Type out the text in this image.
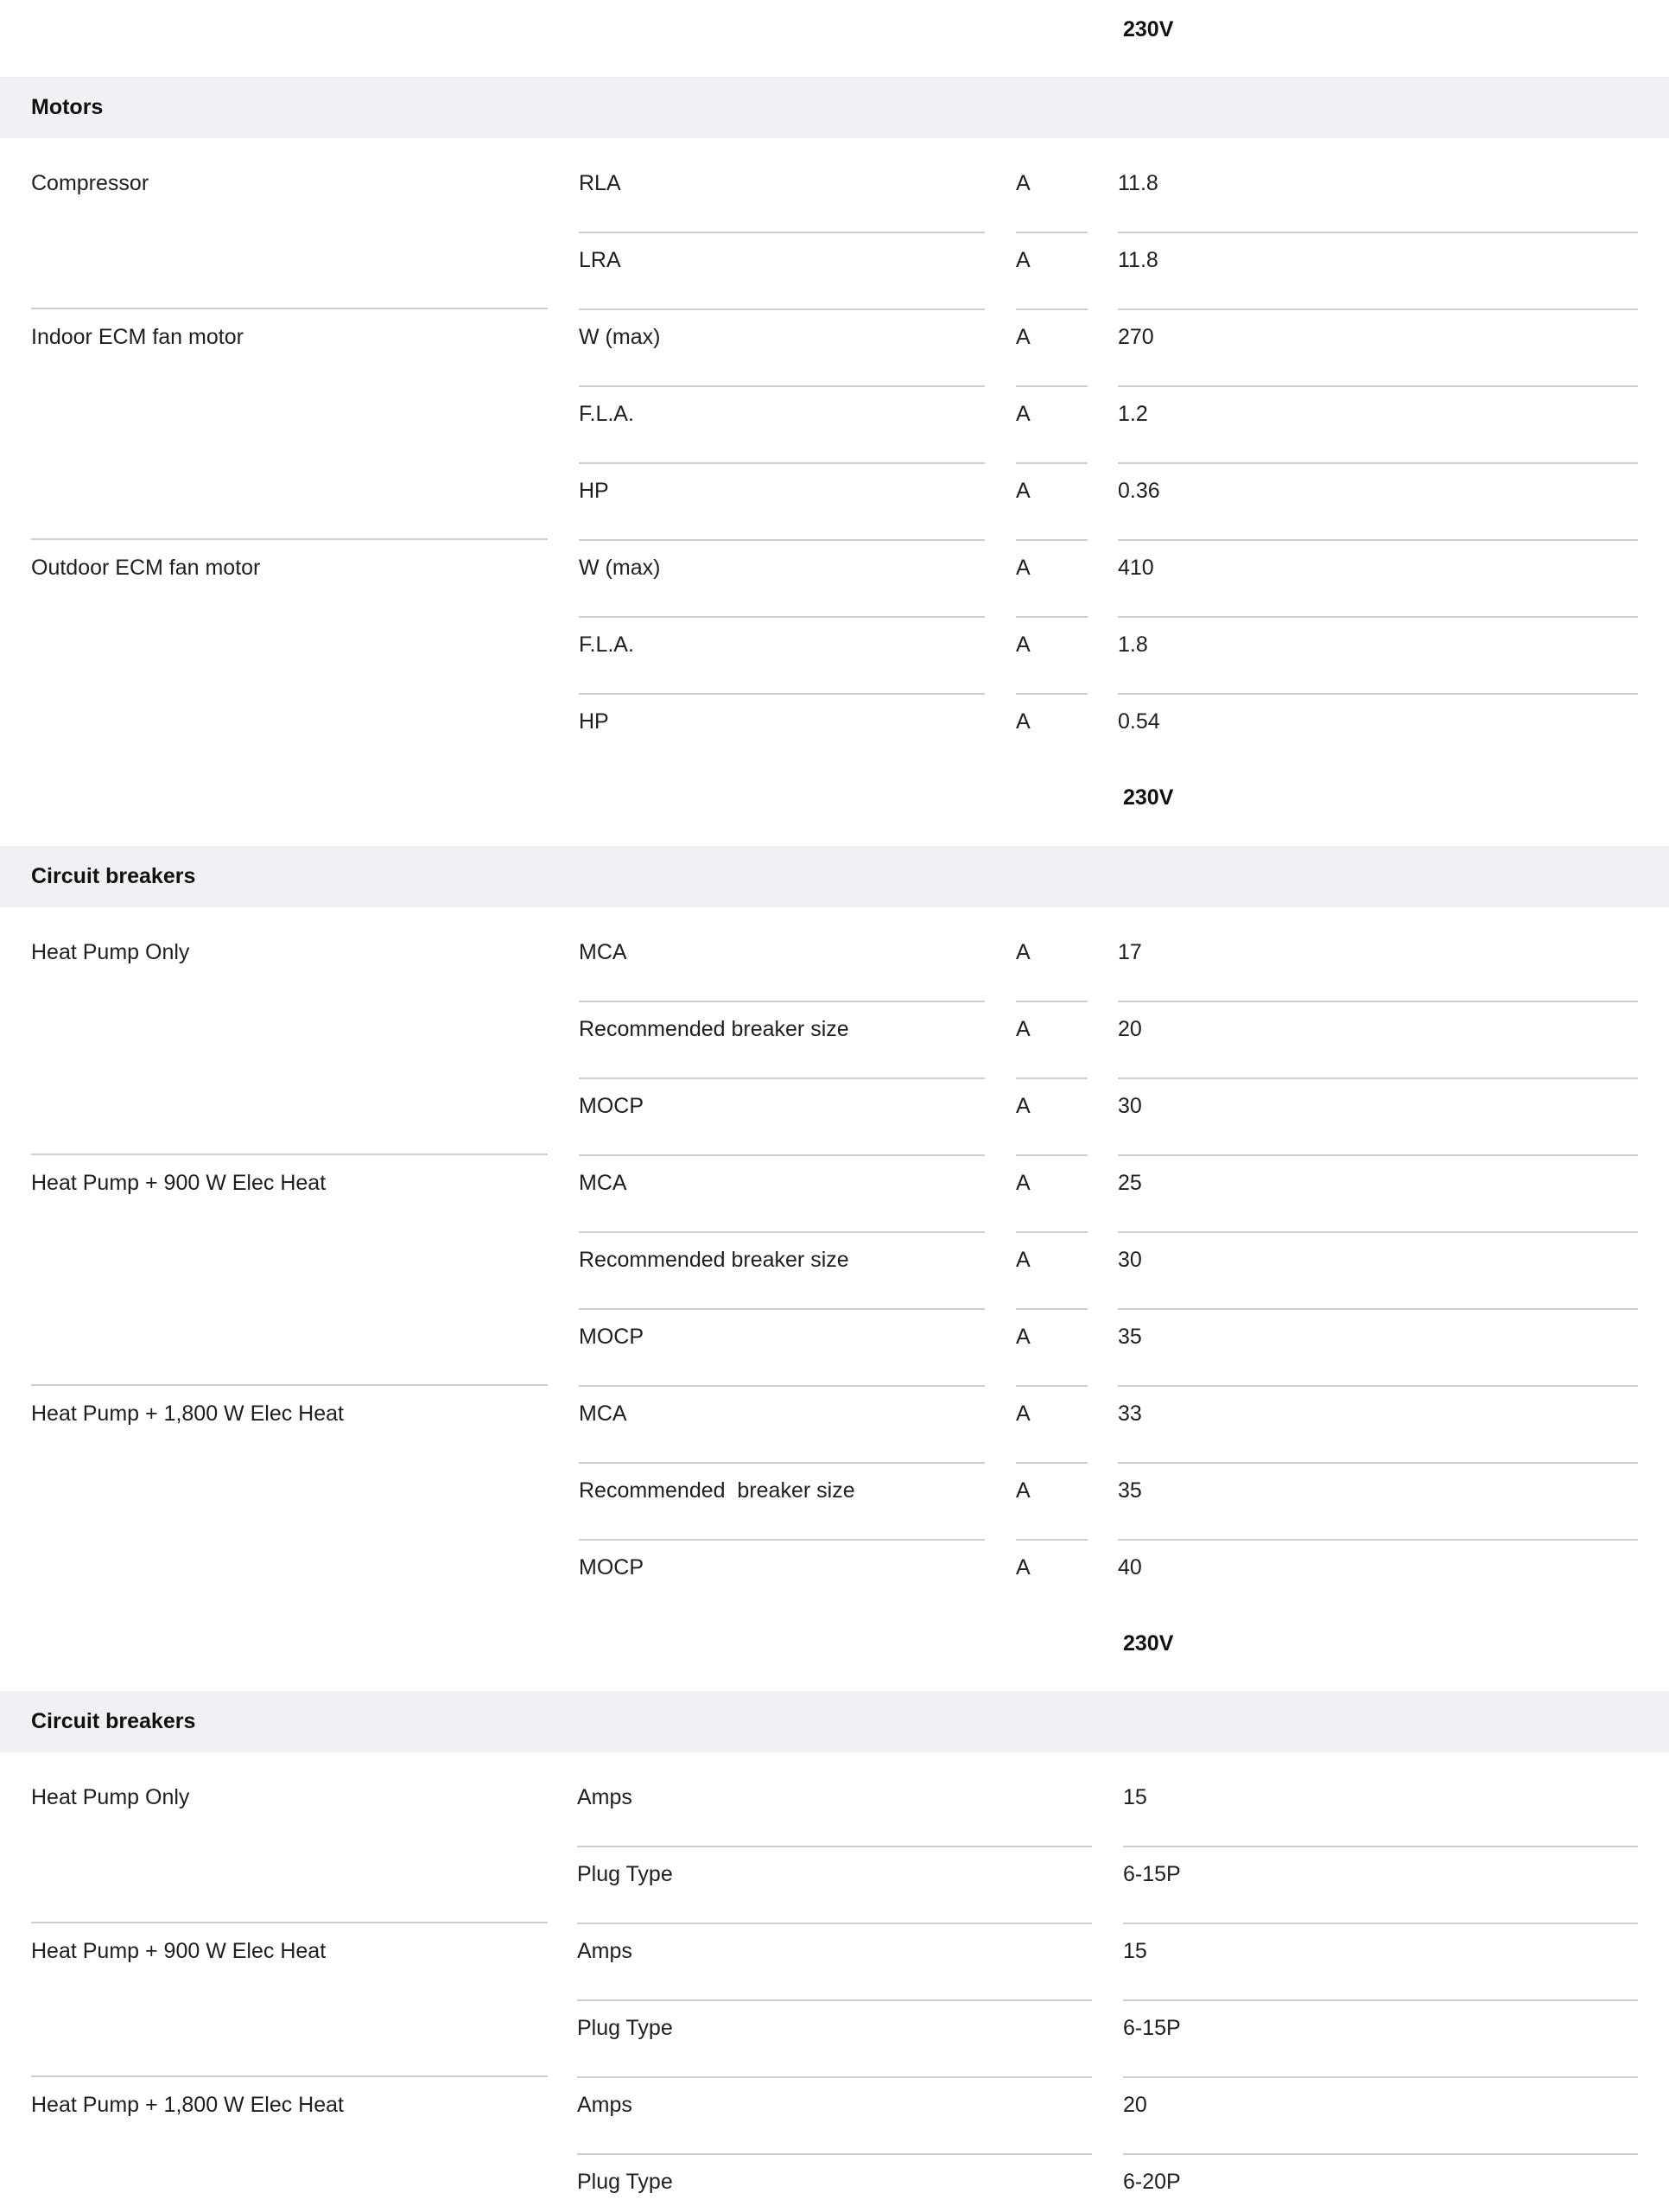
230V
Motors
Compressor	RLA	A	11.8
LRA	A	11.8
Indoor ECM fan motor	W (max)	A	270
F.L.A.	A	1.2
HP	A	0.36
Outdoor ECM fan motor	W (max)	A	410
F.L.A.	A	1.8
HP	A	0.54
230V
Circuit breakers
Heat Pump Only	MCA	A	17
Recommended breaker size	A	20
MOCP	A	30
Heat Pump + 900 W Elec Heat	MCA	A	25
Recommended breaker size	A	30
MOCP	A	35
Heat Pump + 1,800 W Elec Heat	MCA	A	33
Recommended  breaker size	A	35
MOCP	A	40
230V
Circuit breakers
Heat Pump Only	Amps	15
Plug Type	6-15P
Heat Pump + 900 W Elec Heat	Amps	15
Plug Type	6-15P
Heat Pump + 1,800 W Elec Heat	Amps	20
Plug Type	6-20P
